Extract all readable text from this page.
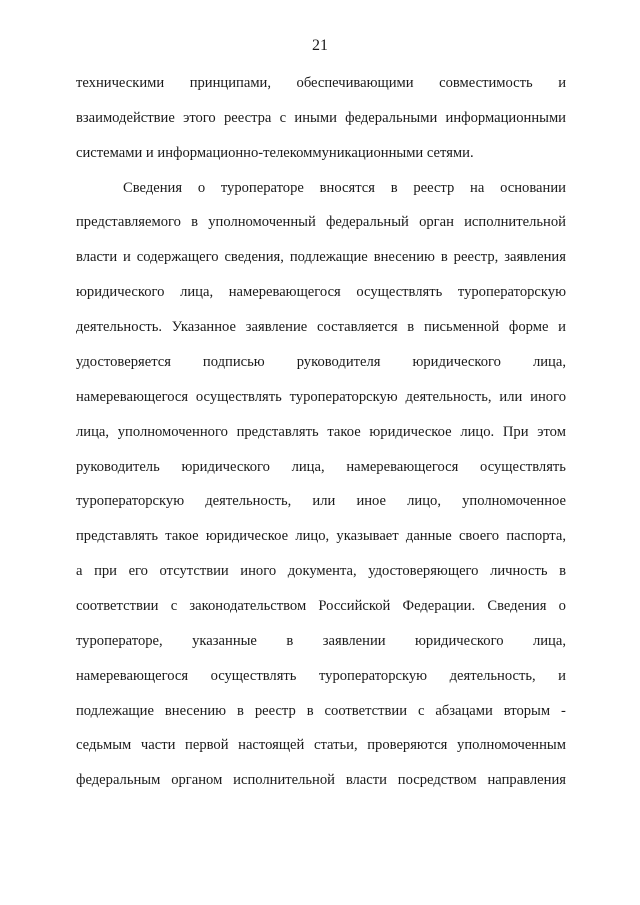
21
техническими принципами, обеспечивающими совместимость и
взаимодействие этого реестра с иными федеральными информационными
системами и информационно-телекоммуникационными сетями.
Сведения о туроператоре вносятся в реестр на основании
представляемого в уполномоченный федеральный орган исполнительной
власти и содержащего сведения, подлежащие внесению в реестр, заявления
юридического лица, намеревающегося осуществлять туроператорскую
деятельность. Указанное заявление составляется в письменной форме и
удостоверяется подписью руководителя юридического лица,
намеревающегося осуществлять туроператорскую деятельность, или иного
лица, уполномоченного представлять такое юридическое лицо. При этом
руководитель юридического лица, намеревающегося осуществлять
туроператорскую деятельность, или иное лицо, уполномоченное
представлять такое юридическое лицо, указывает данные своего паспорта,
а при его отсутствии иного документа, удостоверяющего личность в
соответствии с законодательством Российской Федерации. Сведения о
туроператоре, указанные в заявлении юридического лица,
намеревающегося осуществлять туроператорскую деятельность, и
подлежащие внесению в реестр в соответствии с абзацами вторым -
седьмым части первой настоящей статьи, проверяются уполномоченным
федеральным органом исполнительной власти посредством направления
